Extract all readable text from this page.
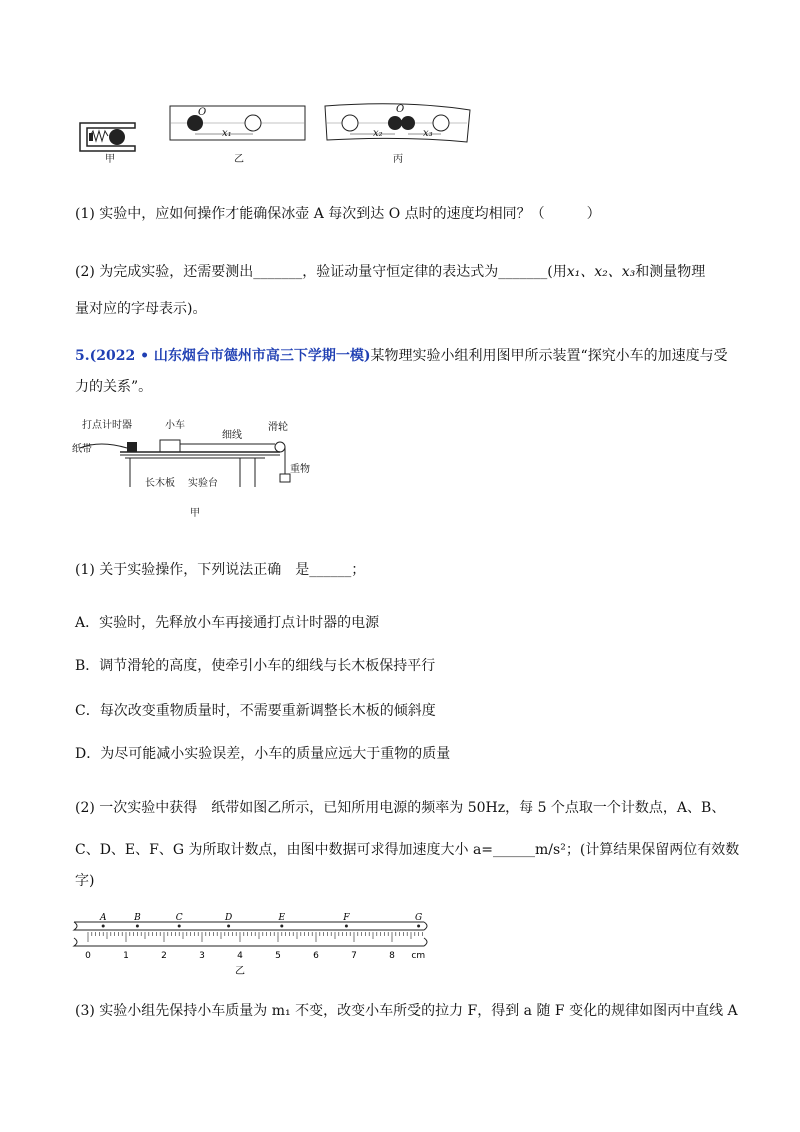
O
x₁
O
x₂	x₃
甲	乙	丙
(1) 实验中，应如何操作才能确保冰壶 A 每次到达 O 点时的速度均相同？（　　　）
(2) 为完成实验，还需要测出_______，验证动量守恒定律的表达式为_______(用x₁、x₂、x₃和测量物理
量对应的字母表示)。
5.(2022 • 山东烟台市德州市高三下学期一模)某物理实验小组利用图甲所示装置“探究小车的加速度与受
力的关系”。
打点计时器	小车
细线
滑轮
纸带
重物
长木板 实验台
甲
(1) 关于实验操作，下列说法正确　是______；
A．实验时，先释放小车再接通打点计时器的电源
B．调节滑轮的高度，使牵引小车的细线与长木板保持平行
C．每次改变重物质量时，不需要重新调整长木板的倾斜度
D．为尽可能减小实验误差，小车的质量应远大于重物的质量
(2) 一次实验中获得　纸带如图乙所示，已知所用电源的频率为 50Hz，每 5 个点取一个计数点，A、B、
C、D、E、F、G 为所取计数点，由图中数据可求得加速度大小 a=______m/s²；(计算结果保留两位有效数
字)
0	1	2	3	4	5	6	7	8 cm
A	B	C	D	E	F	G
乙
(3) 实验小组先保持小车质量为 m₁ 不变，改变小车所受的拉力 F，得到 a 随 F 变化的规律如图丙中直线 A
